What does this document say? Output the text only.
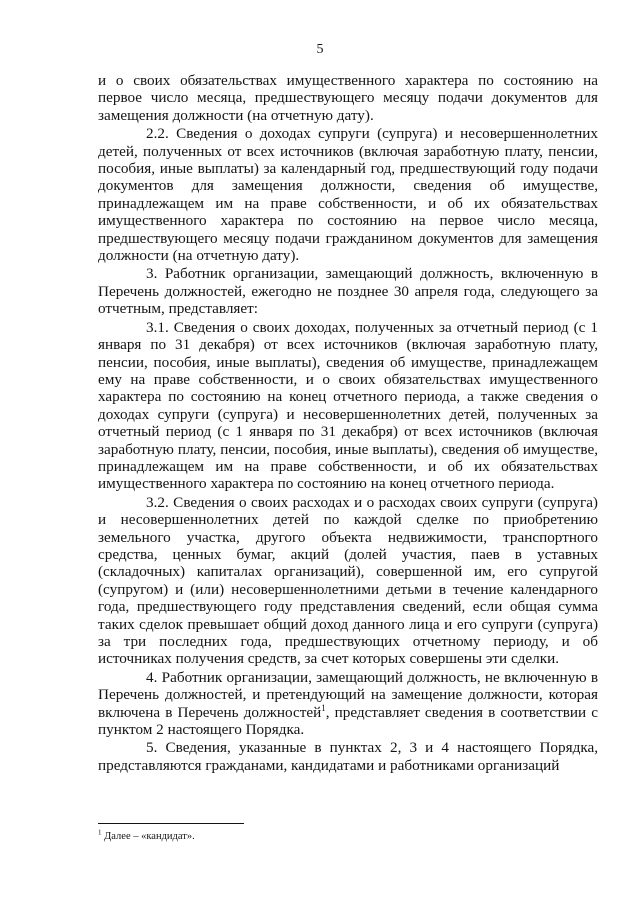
5

и о своих обязательствах имущественного характера по состоянию на первое число месяца, предшествующего месяцу подачи документов для замещения должности (на отчетную дату).

2.2. Сведения о доходах супруги (супруга) и несовершеннолетних детей, полученных от всех источников (включая заработную плату, пенсии, пособия, иные выплаты) за календарный год, предшествующий году подачи документов для замещения должности, сведения об имуществе, принадлежащем им на праве собственности, и об их обязательствах имущественного характера по состоянию на первое число месяца, предшествующего месяцу подачи гражданином документов для замещения должности (на отчетную дату).

3. Работник организации, замещающий должность, включенную в Перечень должностей, ежегодно не позднее 30 апреля года, следующего за отчетным, представляет:

3.1. Сведения о своих доходах, полученных за отчетный период (с 1 января по 31 декабря) от всех источников (включая заработную плату, пенсии, пособия, иные выплаты), сведения об имуществе, принадлежащем ему на праве собственности, и о своих обязательствах имущественного характера по состоянию на конец отчетного периода, а также сведения о доходах супруги (супруга) и несовершеннолетних детей, полученных за отчетный период (с 1 января по 31 декабря) от всех источников (включая заработную плату, пенсии, пособия, иные выплаты), сведения об имуществе, принадлежащем им на праве собственности, и об их обязательствах имущественного характера по состоянию на конец отчетного периода.

3.2. Сведения о своих расходах и о расходах своих супруги (супруга) и несовершеннолетних детей по каждой сделке по приобретению земельного участка, другого объекта недвижимости, транспортного средства, ценных бумаг, акций (долей участия, паев в уставных (складочных) капиталах организаций), совершенной им, его супругой (супругом) и (или) несовершеннолетними детьми в течение календарного года, предшествующего году представления сведений, если общая сумма таких сделок превышает общий доход данного лица и его супруги (супруга) за три последних года, предшествующих отчетному периоду, и об источниках получения средств, за счет которых совершены эти сделки.

4. Работник организации, замещающий должность, не включенную в Перечень должностей, и претендующий на замещение должности, которая включена в Перечень должностей$^1$, представляет сведения в соответствии с пунктом 2 настоящего Порядка.

5. Сведения, указанные в пунктах 2, 3 и 4 настоящего Порядка, представляются гражданами, кандидатами и работниками организаций

$^1$ Далее – «кандидат».
